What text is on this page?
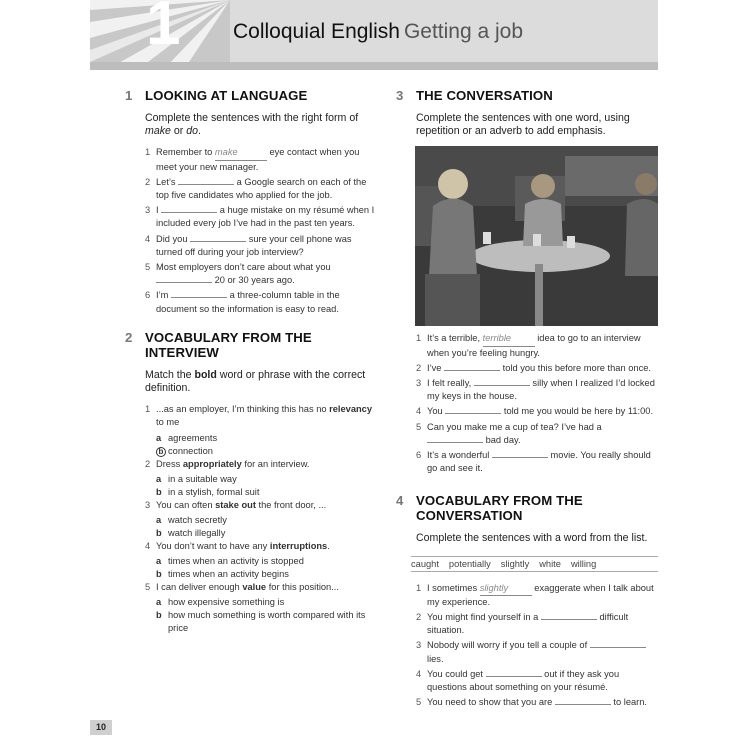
1	Colloquial English Getting a job
1 LOOKING AT LANGUAGE
Complete the sentences with the right form of make or do.
1 Remember to make	eye contact when you meet your new manager.
2 Let’s	a Google search on each of the top five candidates who applied for the job.
3 I	a huge mistake on my résumé when I included every job I’ve had in the past ten years.
4 Did you	sure your cell phone was turned off during your job interview?
5 Most employers don’t care about what you  20 or 30 years ago.
6 I’m	a three-column table in the document so the information is easy to read.
2 VOCABULARY FROM THE INTERVIEW
Match the bold word or phrase with the correct definition.
1 ...as an employer, I’m thinking this has no relevancy to me
a agreements
b connection
2 Dress appropriately for an interview.
a in a suitable way
b in a stylish, formal suit
3 You can often stake out the front door, ...
a watch secretly
b watch illegally
4 You don’t want to have any interruptions.
a times when an activity is stopped
b times when an activity begins
5 I can deliver enough value for this position...
a how expensive something is
b how much something is worth compared with its price
3 THE CONVERSATION
Complete the sentences with one word, using repetition or an adverb to add emphasis.
1 It’s a terrible, terrible	idea to go to an interview when you’re feeling hungry.
2 I’ve	told you this before more than once.
3 I felt really,	silly when I realized I’d locked my keys in the house.
4 You	told me you would be here by 11:00.
5 Can you make me a cup of tea? I’ve had a  bad day.
6 It’s a wonderful	movie. You really should go and see it.
4 VOCABULARY FROM THE
CONVERSATION
Complete the sentences with a word from the list.
caught potentially slightly white willing
1 I sometimes slightly	exaggerate when I talk about my experience.
2 You might find yourself in a	difficult situation.
3 Nobody will worry if you tell a couple of  lies.
4 You could get	out if they ask you questions about something on your résumé.
5 You need to show that you are	to learn.
10
